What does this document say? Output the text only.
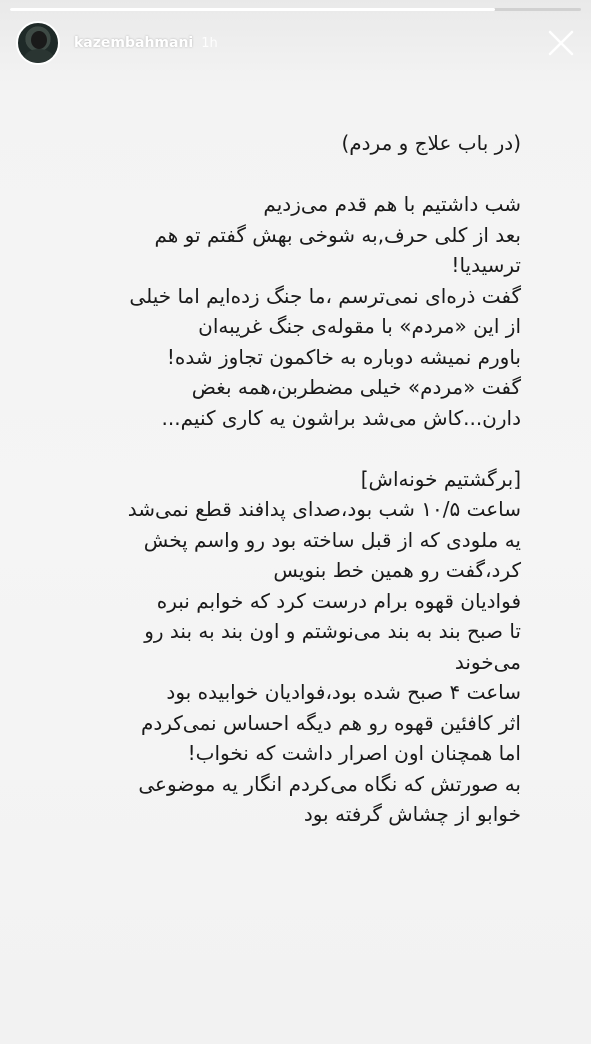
kazembahmani 1h
(در باب علاج و مردم)
شب داشتیم با هم قدم می‌زدیم
بعد از کلی حرف,به شوخی بهش گفتم تو هم
ترسیدیا!
گفت ذره‌ای نمی‌ترسم ،ما جنگ زده‌ایم اما خیلی
از این «مردم» با مقوله‌ی جنگ غریبه‌ان
باورم نمیشه دوباره به خاکمون تجاوز شده!
گفت «مردم» خیلی مضطربن،همه بغض
دارن...کاش می‌شد براشون یه کاری کنیم...
[برگشتیم خونه‌اش]
ساعت ۱۰/۵ شب بود،صدای پدافند قطع نمی‌شد
یه ملودی که از قبل ساخته بود رو واسم پخش
کرد،گفت رو همین خط بنویس
فوادیان قهوه برام درست کرد که خوابم نبره
تا صبح بند به بند می‌نوشتم و اون بند به بند رو
می‌خوند
ساعت ۴ صبح شده بود،فوادیان خوابیده بود
اثر کافئین قهوه رو هم دیگه احساس نمی‌کردم
اما همچنان اون اصرار داشت که نخواب!
به صورتش که نگاه می‌کردم انگار یه موضوعی
خوابو از چشاش گرفته بود
